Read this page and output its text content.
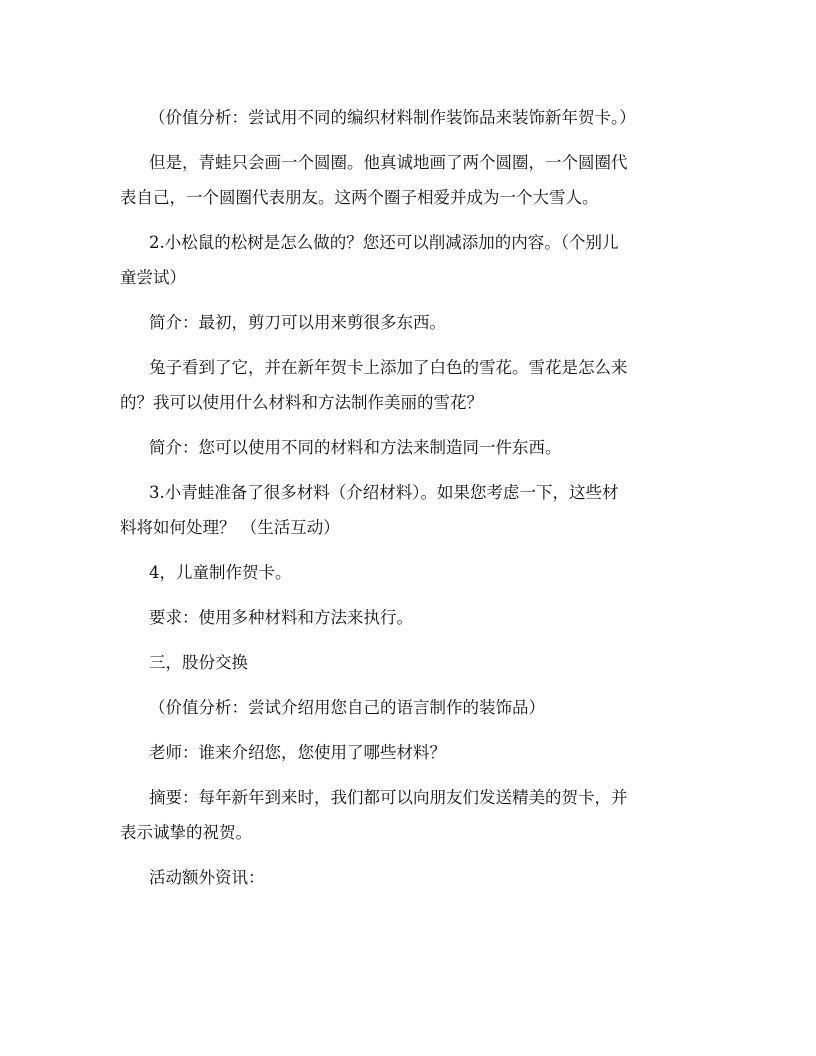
（价值分析：尝试用不同的编织材料制作装饰品来装饰新年贺卡。）
但是，青蛙只会画一个圆圈。他真诚地画了两个圆圈，一个圆圈代
表自己，一个圆圈代表朋友。这两个圈子相爱并成为一个大雪人。
2.小松鼠的松树是怎么做的？您还可以削减添加的内容。（个别儿
童尝试）
简介：最初，剪刀可以用来剪很多东西。
兔子看到了它，并在新年贺卡上添加了白色的雪花。雪花是怎么来
的？我可以使用什么材料和方法制作美丽的雪花？
简介：您可以使用不同的材料和方法来制造同一件东西。
3.小青蛙准备了很多材料（介绍材料）。如果您考虑一下，这些材
料将如何处理？ （生活互动）
4，儿童制作贺卡。
要求：使用多种材料和方法来执行。
三，股份交换
（价值分析：尝试介绍用您自己的语言制作的装饰品）
老师：谁来介绍您，您使用了哪些材料？
摘要：每年新年到来时，我们都可以向朋友们发送精美的贺卡，并
表示诚挚的祝贺。
活动额外资讯：
